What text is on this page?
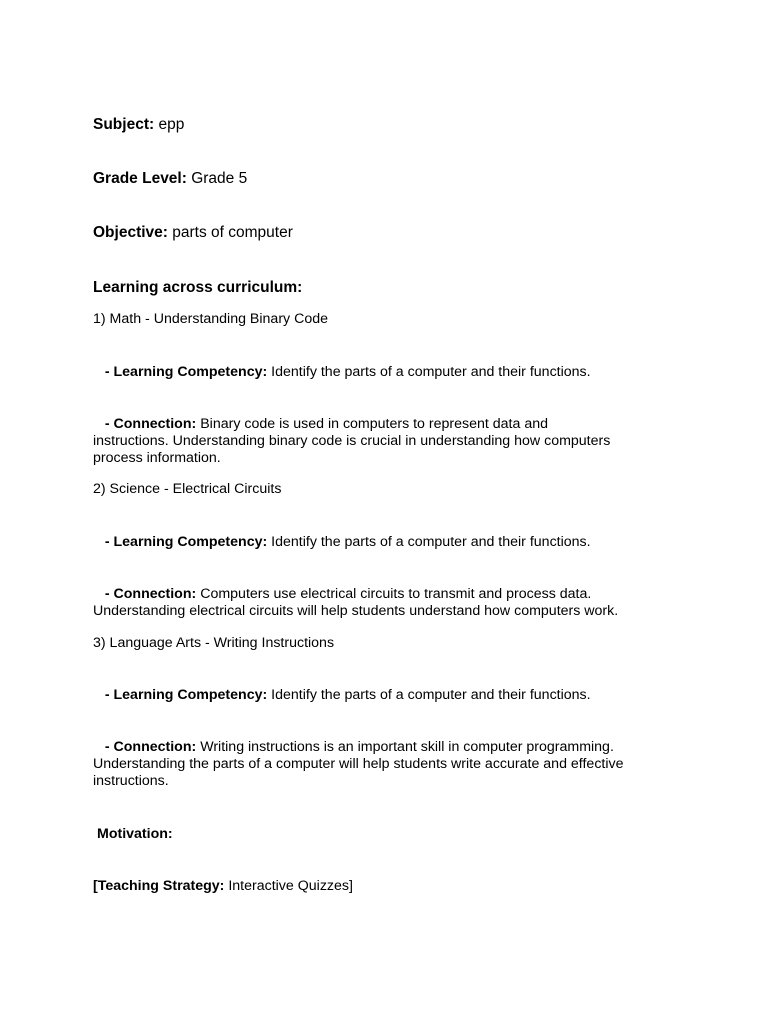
Subject: epp
Grade Level: Grade 5
Objective: parts of computer
Learning across curriculum:
1) Math - Understanding Binary Code
- Learning Competency: Identify the parts of a computer and their functions.
- Connection: Binary code is used in computers to represent data and
instructions. Understanding binary code is crucial in understanding how computers
process information.
2) Science - Electrical Circuits
- Learning Competency: Identify the parts of a computer and their functions.
- Connection: Computers use electrical circuits to transmit and process data.
Understanding electrical circuits will help students understand how computers work.
3) Language Arts - Writing Instructions
- Learning Competency: Identify the parts of a computer and their functions.
- Connection: Writing instructions is an important skill in computer programming.
Understanding the parts of a computer will help students write accurate and effective
instructions.
Motivation:
[Teaching Strategy: Interactive Quizzes]
